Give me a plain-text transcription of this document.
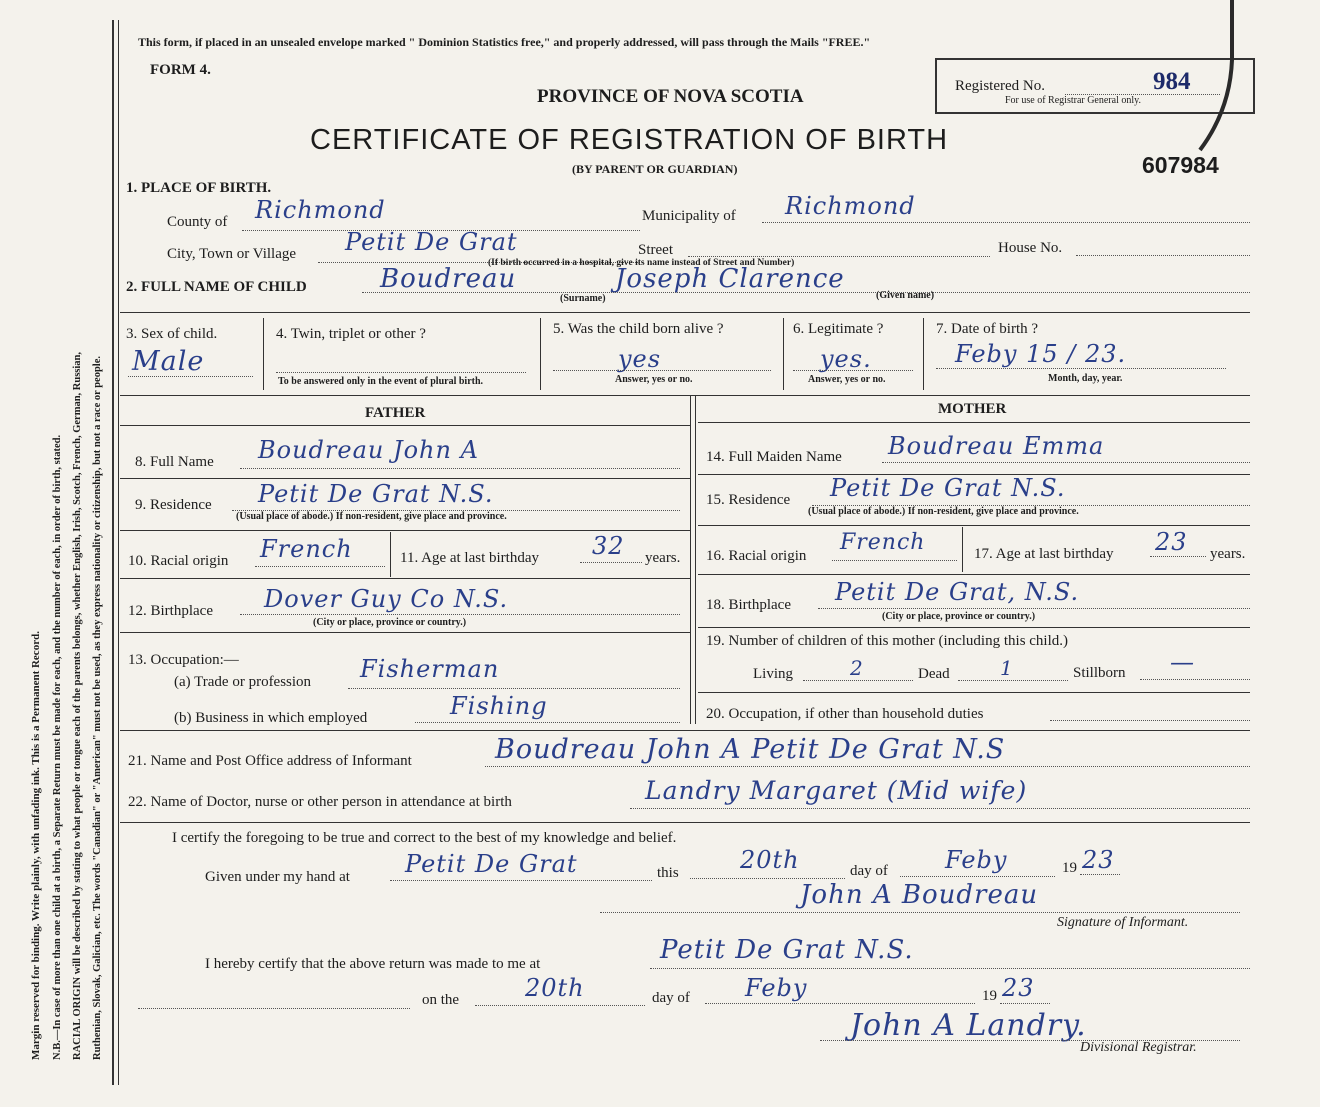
Margin reserved for binding. Write plainly, with unfading ink. This is a Permanent Record. N.B.—In case of more than one child at a birth, a Separate Return must be made for each, and the number of each, in order of birth, stated. RACIAL ORIGIN will be described by stating to what people or tongue each of the parents belongs, whether English, Irish, Scotch, French, German, Russian, Ruthenian, Slovak, Galician, etc. The words "Canadian" or "American" must not be used, as they express nationality or citizenship, but not a race or people.
This form, if placed in an unsealed envelope marked " Dominion Statistics free," and properly addressed, will pass through the Mails "FREE."
FORM 4.
PROVINCE OF NOVA SCOTIA
CERTIFICATE OF REGISTRATION OF BIRTH
(BY PARENT OR GUARDIAN)
Registered No.	984
For use of Registrar General only.
607984
1. PLACE OF BIRTH.
County of Richmond	Municipality of Richmond
City, Town or Village Petit De Grat	Street	House No.
(If birth occurred in a hospital, give its name instead of Street and Number)
2. FULL NAME OF CHILD	Boudreau	Joseph Clarence
(Surname)	(Given name)
3. Sex of child.
Male
4. Twin, triplet or other ?
To be answered only in the event of plural birth.
5. Was the child born alive ?
yes
Answer, yes or no.
6. Legitimate ?
yes.
Answer, yes or no.
7. Date of birth ?
Feby 15 / 23.
Month, day, year.
FATHER	MOTHER
8. Full Name Boudreau John A
9. Residence Petit De Grat N.S.
(Usual place of abode.) If non-resident, give place and province.
10. Racial origin French	11. Age at last birthday 32 years.
12. Birthplace Dover Guy Co N.S.
(City or place, province or country.)
13. Occupation:—
(a) Trade or profession Fisherman
(b) Business in which employed	Fishing
14. Full Maiden Name Boudreau Emma
15. Residence Petit De Grat N.S.
(Usual place of abode.) If non-resident, give place and province.
16. Racial origin
French	17. Age at last birthday 23 years.
18. Birthplace Petit De Grat, N.S.
(City or place, province or country.)
19. Number of children of this mother (including this child.)
Living	2	Dead	1	Stillborn —
20. Occupation, if other than household duties
21. Name and Post Office address of Informant	Boudreau John A Petit De Grat N.S
22. Name of Doctor, nurse or other person in attendance at birth	Landry Margaret (Mid wife)
I certify the foregoing to be true and correct to the best of my knowledge and belief.
Given under my hand at Petit De Grat	this	20th	day of Feby	19 23
John A Boudreau
Signature of Informant.
I hereby certify that the above return was made to me at	Petit De Grat N.S.
on the	20th	day of Feby	19 23
John A Landry.
Divisional Registrar.
